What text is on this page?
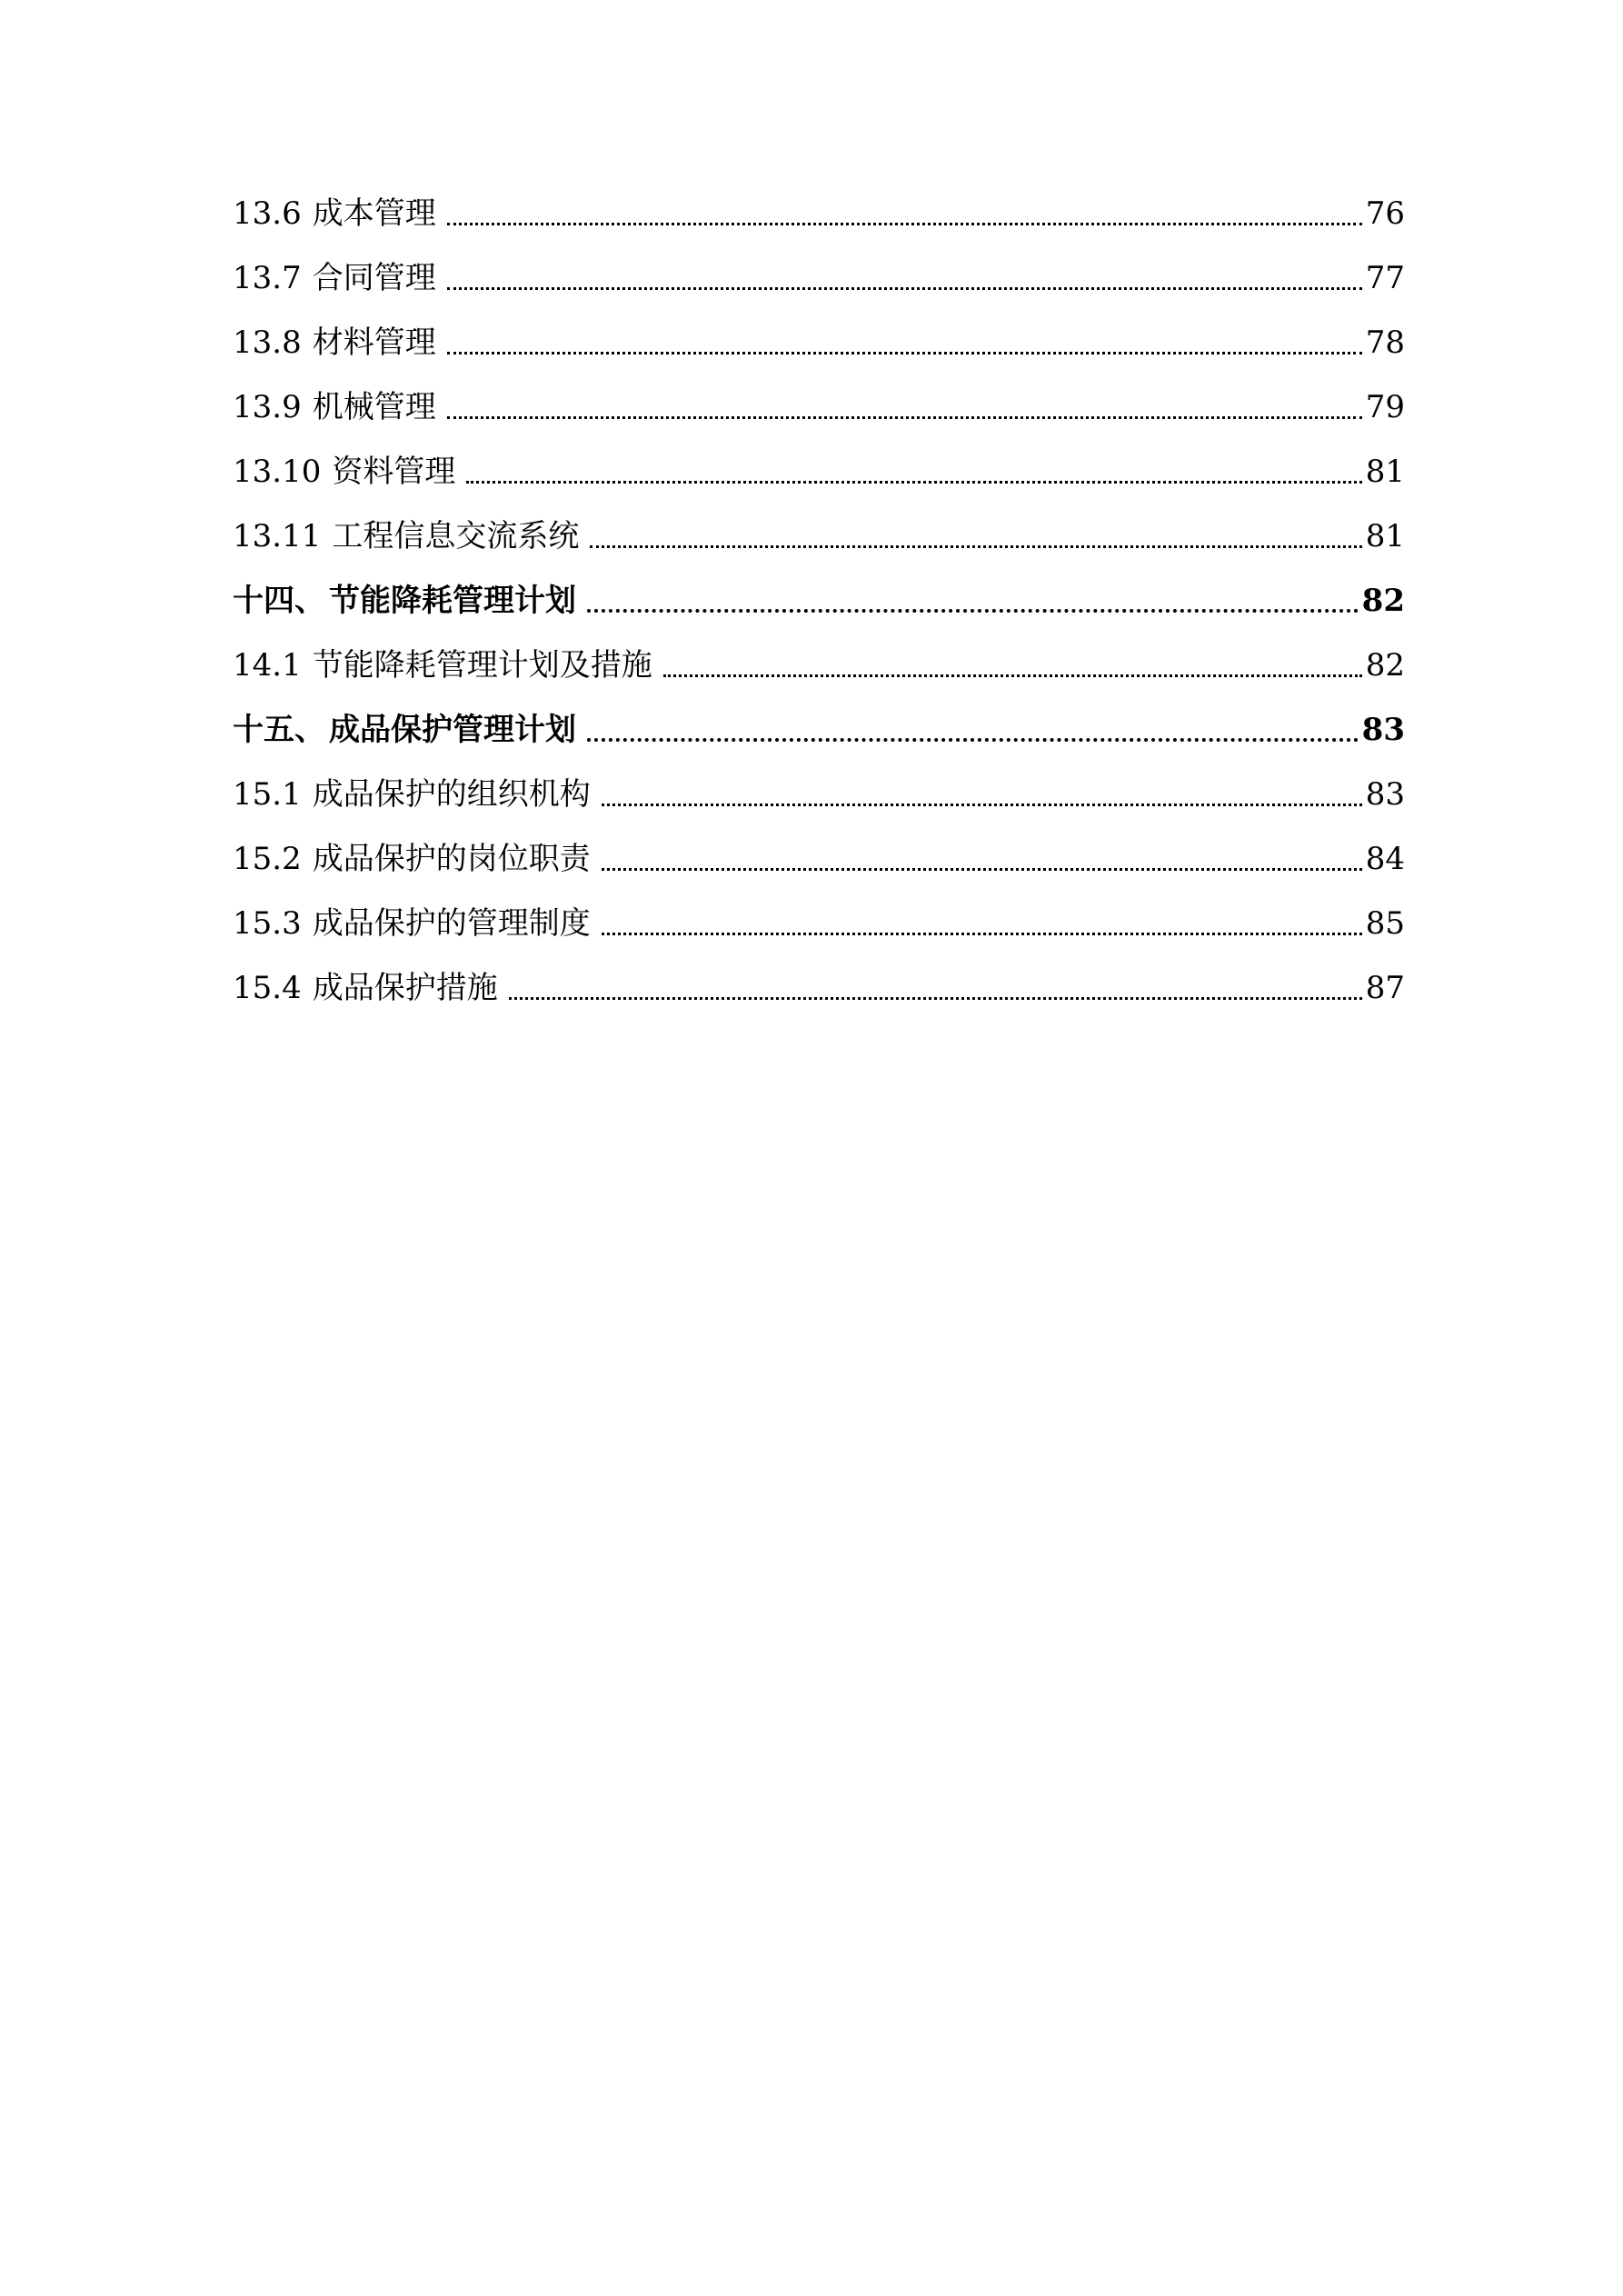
13.6 成本管理	76
13.7 合同管理	77
13.8 材料管理	78
13.9 机械管理	79
13.10 资料管理	81
13.11 工程信息交流系统	81
十四、 节能降耗管理计划	82
14.1 节能降耗管理计划及措施	82
十五、 成品保护管理计划	83
15.1 成品保护的组织机构	83
15.2 成品保护的岗位职责	84
15.3 成品保护的管理制度	85
15.4 成品保护措施	87
